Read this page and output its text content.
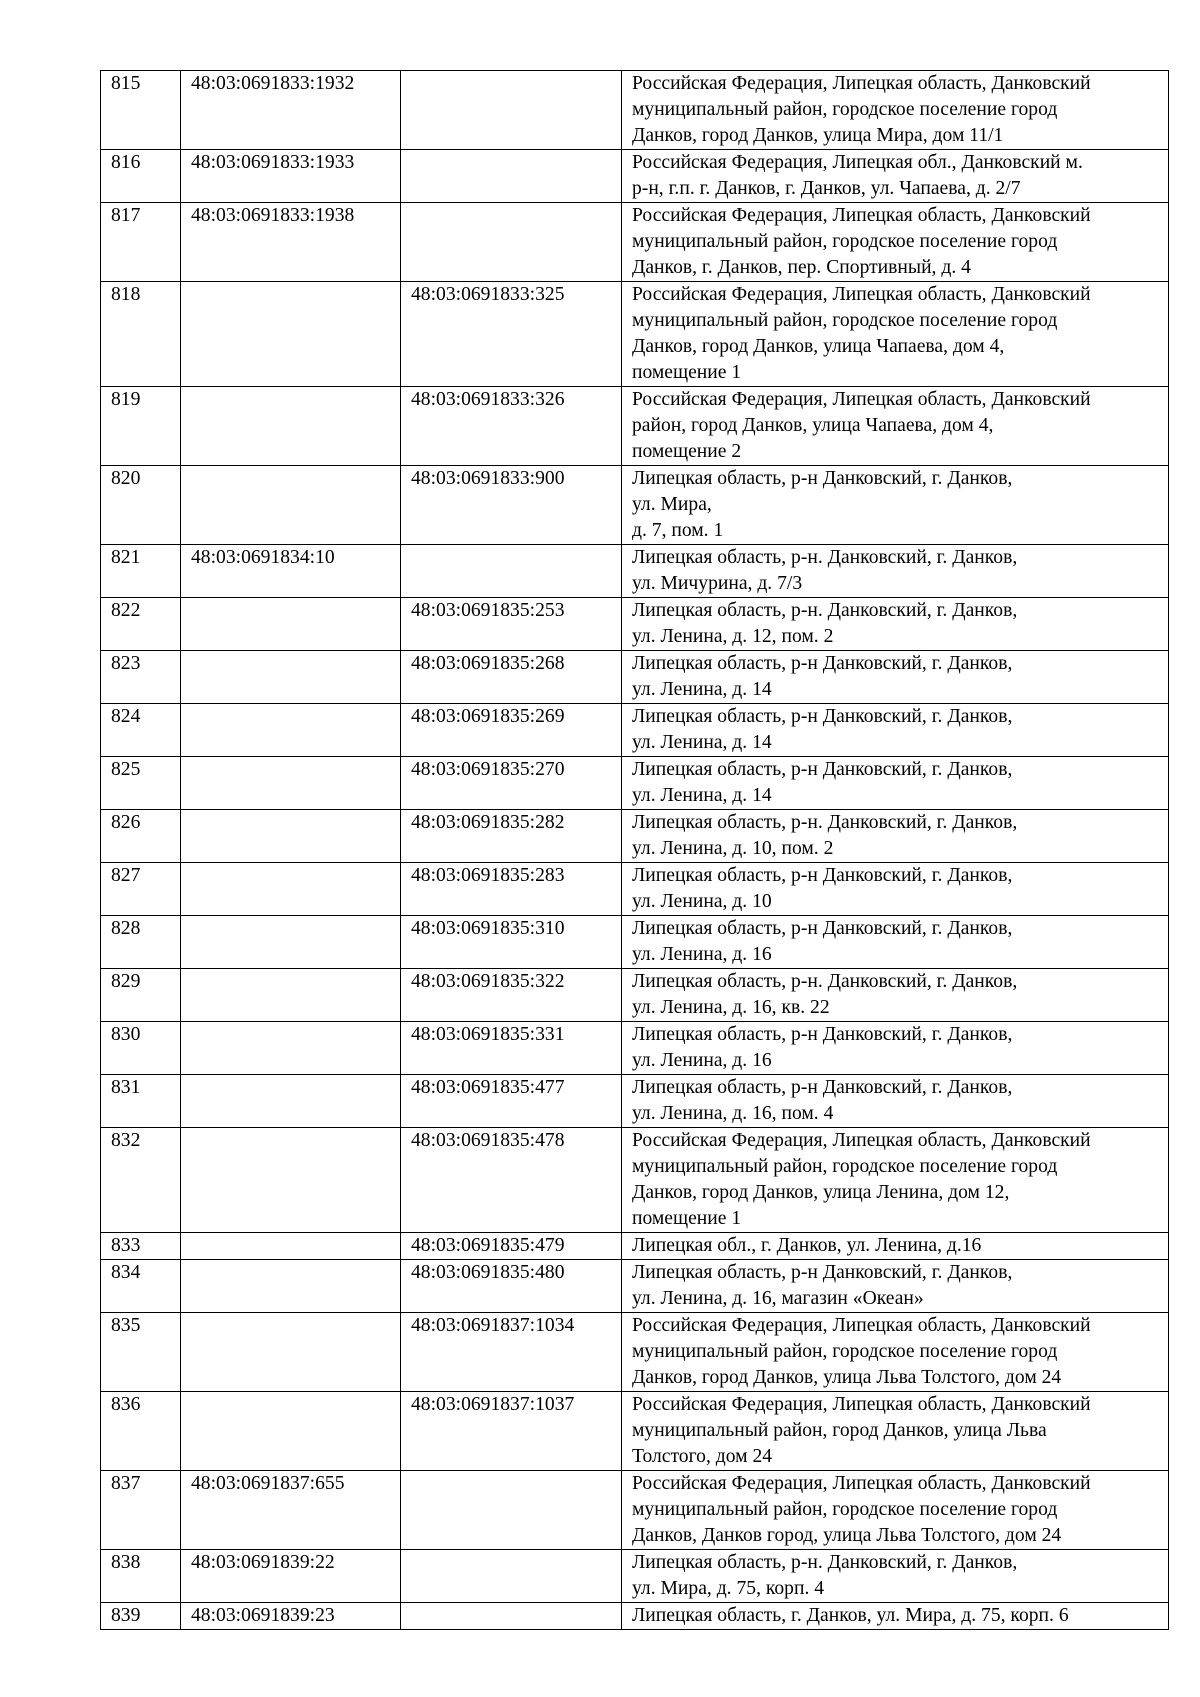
815	48:03:0691833:1932		Российская Федерация, Липецкая область, Данковский
муниципальный район, городское поселение город
Данков, город Данков, улица Мира, дом 11/1
816	48:03:0691833:1933		Российская Федерация, Липецкая обл., Данковский м.
р-н, г.п. г. Данков, г. Данков, ул. Чапаева, д. 2/7
817	48:03:0691833:1938		Российская Федерация, Липецкая область, Данковский
муниципальный район, городское поселение город
Данков, г. Данков, пер. Спортивный, д. 4
818		48:03:0691833:325	Российская Федерация, Липецкая область, Данковский
муниципальный район, городское поселение город
Данков, город Данков, улица Чапаева, дом 4,
помещение 1
819		48:03:0691833:326	Российская Федерация, Липецкая область, Данковский
район, город Данков, улица Чапаева, дом 4,
помещение 2
820		48:03:0691833:900	Липецкая область, р-н Данковский, г. Данков,
ул. Мира,
д. 7, пом. 1
821	48:03:0691834:10		Липецкая область, р-н. Данковский, г. Данков,
ул. Мичурина, д. 7/3
822		48:03:0691835:253	Липецкая область, р-н. Данковский, г. Данков,
ул. Ленина, д. 12, пом. 2
823		48:03:0691835:268	Липецкая область, р-н Данковский, г. Данков,
ул. Ленина, д. 14
824		48:03:0691835:269	Липецкая область, р-н Данковский, г. Данков,
ул. Ленина, д. 14
825		48:03:0691835:270	Липецкая область, р-н Данковский, г. Данков,
ул. Ленина, д. 14
826		48:03:0691835:282	Липецкая область, р-н. Данковский, г. Данков,
ул. Ленина, д. 10, пом. 2
827		48:03:0691835:283	Липецкая область, р-н Данковский, г. Данков,
ул. Ленина, д. 10
828		48:03:0691835:310	Липецкая область, р-н Данковский, г. Данков,
ул. Ленина, д. 16
829		48:03:0691835:322	Липецкая область, р-н. Данковский, г. Данков,
ул. Ленина, д. 16, кв. 22
830		48:03:0691835:331	Липецкая область, р-н Данковский, г. Данков,
ул. Ленина, д. 16
831		48:03:0691835:477	Липецкая область, р-н Данковский, г. Данков,
ул. Ленина, д. 16, пом. 4
832		48:03:0691835:478	Российская Федерация, Липецкая область, Данковский
муниципальный район, городское поселение город
Данков, город Данков, улица Ленина, дом 12,
помещение 1
833		48:03:0691835:479	Липецкая обл., г. Данков, ул. Ленина, д.16
834		48:03:0691835:480	Липецкая область, р-н Данковский, г. Данков,
ул. Ленина, д. 16, магазин «Океан»
835		48:03:0691837:1034	Российская Федерация, Липецкая область, Данковский
муниципальный район, городское поселение город
Данков, город Данков, улица Льва Толстого, дом 24
836		48:03:0691837:1037	Российская Федерация, Липецкая область, Данковский
муниципальный район, город Данков, улица Льва
Толстого, дом 24
837	48:03:0691837:655		Российская Федерация, Липецкая область, Данковский
муниципальный район, городское поселение город
Данков, Данков город, улица Льва Толстого, дом 24
838	48:03:0691839:22		Липецкая область, р-н. Данковский, г. Данков,
ул. Мира, д. 75, корп. 4
839	48:03:0691839:23		Липецкая область, г. Данков, ул. Мира, д. 75, корп. 6
